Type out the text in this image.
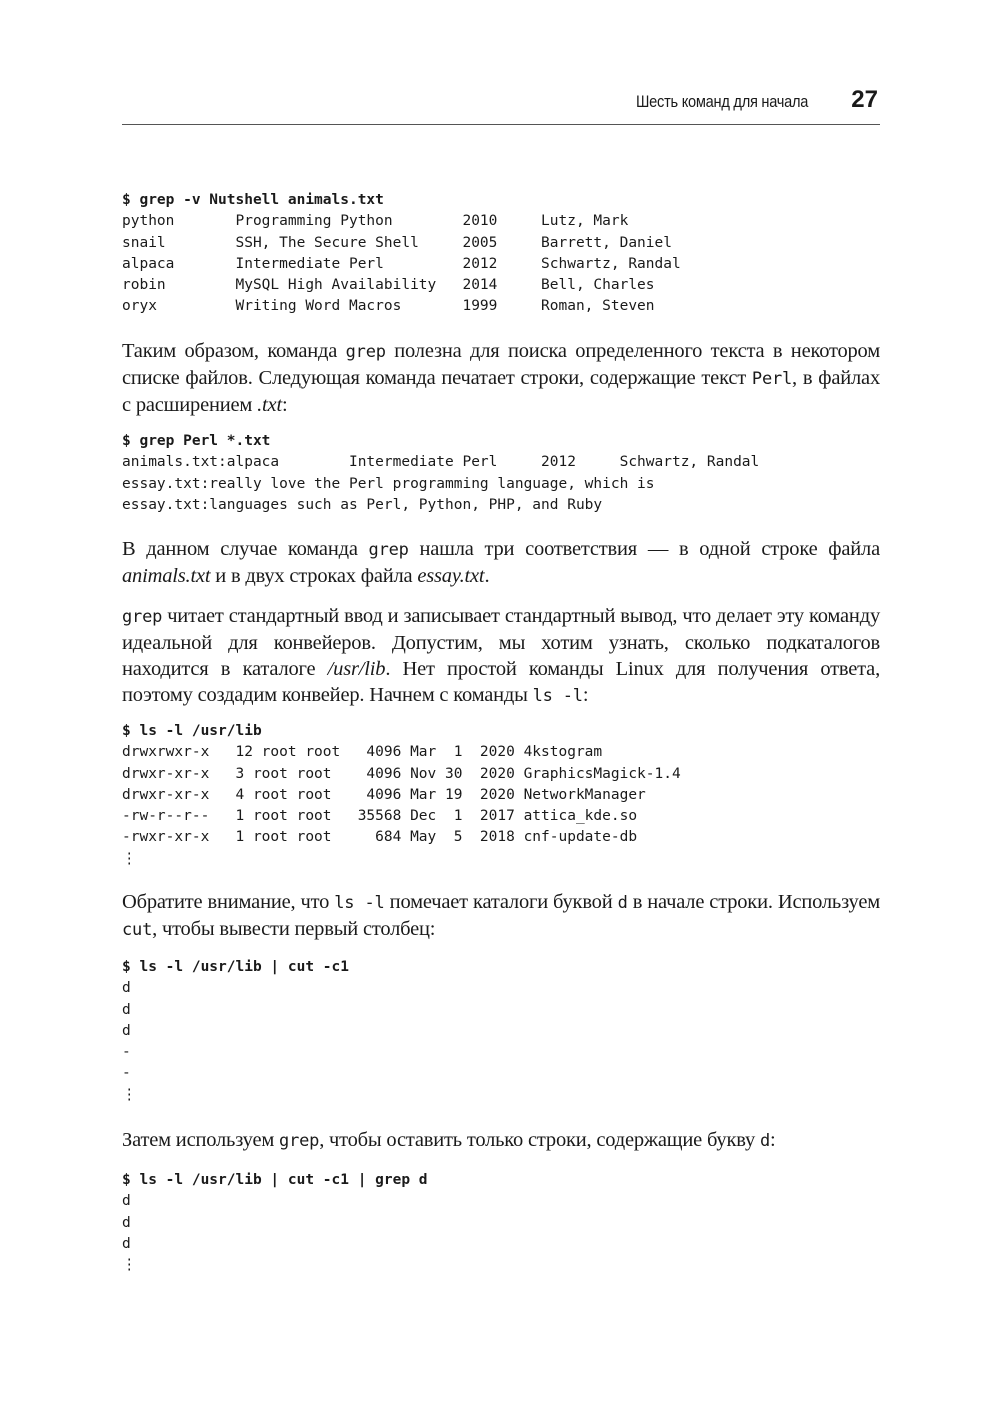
Шесть команд для начала 27
$ grep -v Nutshell animals.txt
python       Programming Python        2010     Lutz, Mark
snail        SSH, The Secure Shell     2005     Barrett, Daniel
alpaca       Intermediate Perl         2012     Schwartz, Randal
robin        MySQL High Availability   2014     Bell, Charles
oryx         Writing Word Macros       1999     Roman, Steven

Таким образом, команда grep полезна для поиска определенного текста в некотором списке файлов. Следующая команда печатает строки, содержащие текст Perl, в файлах с расширением .txt:

$ grep Perl *.txt
animals.txt:alpaca        Intermediate Perl     2012     Schwartz, Randal
essay.txt:really love the Perl programming language, which is
essay.txt:languages such as Perl, Python, PHP, and Ruby

В данном случае команда grep нашла три соответствия — в одной строке файла animals.txt и в двух строках файла essay.txt.

grep читает стандартный ввод и записывает стандартный вывод, что делает эту команду идеальной для конвейеров. Допустим, мы хотим узнать, сколько подкаталогов находится в каталоге /usr/lib. Нет простой команды Linux для получения ответа, поэтому создадим конвейер. Начнем с команды ls -l:

$ ls -l /usr/lib
drwxrwxr-x   12 root root   4096 Mar  1  2020 4kstogram
drwxr-xr-x   3 root root    4096 Nov 30  2020 GraphicsMagick-1.4
drwxr-xr-x   4 root root    4096 Mar 19  2020 NetworkManager
-rw-r--r--   1 root root   35568 Dec  1  2017 attica_kde.so
-rwxr-xr-x   1 root root     684 May  5  2018 cnf-update-db
⋮

Обратите внимание, что ls -l помечает каталоги буквой d в начале строки. Используем cut, чтобы вывести первый столбец:

$ ls -l /usr/lib | cut -c1
d
d
d
-
-
⋮

Затем используем grep, чтобы оставить только строки, содержащие букву d:

$ ls -l /usr/lib | cut -c1 | grep d
d
d
d
⋮
